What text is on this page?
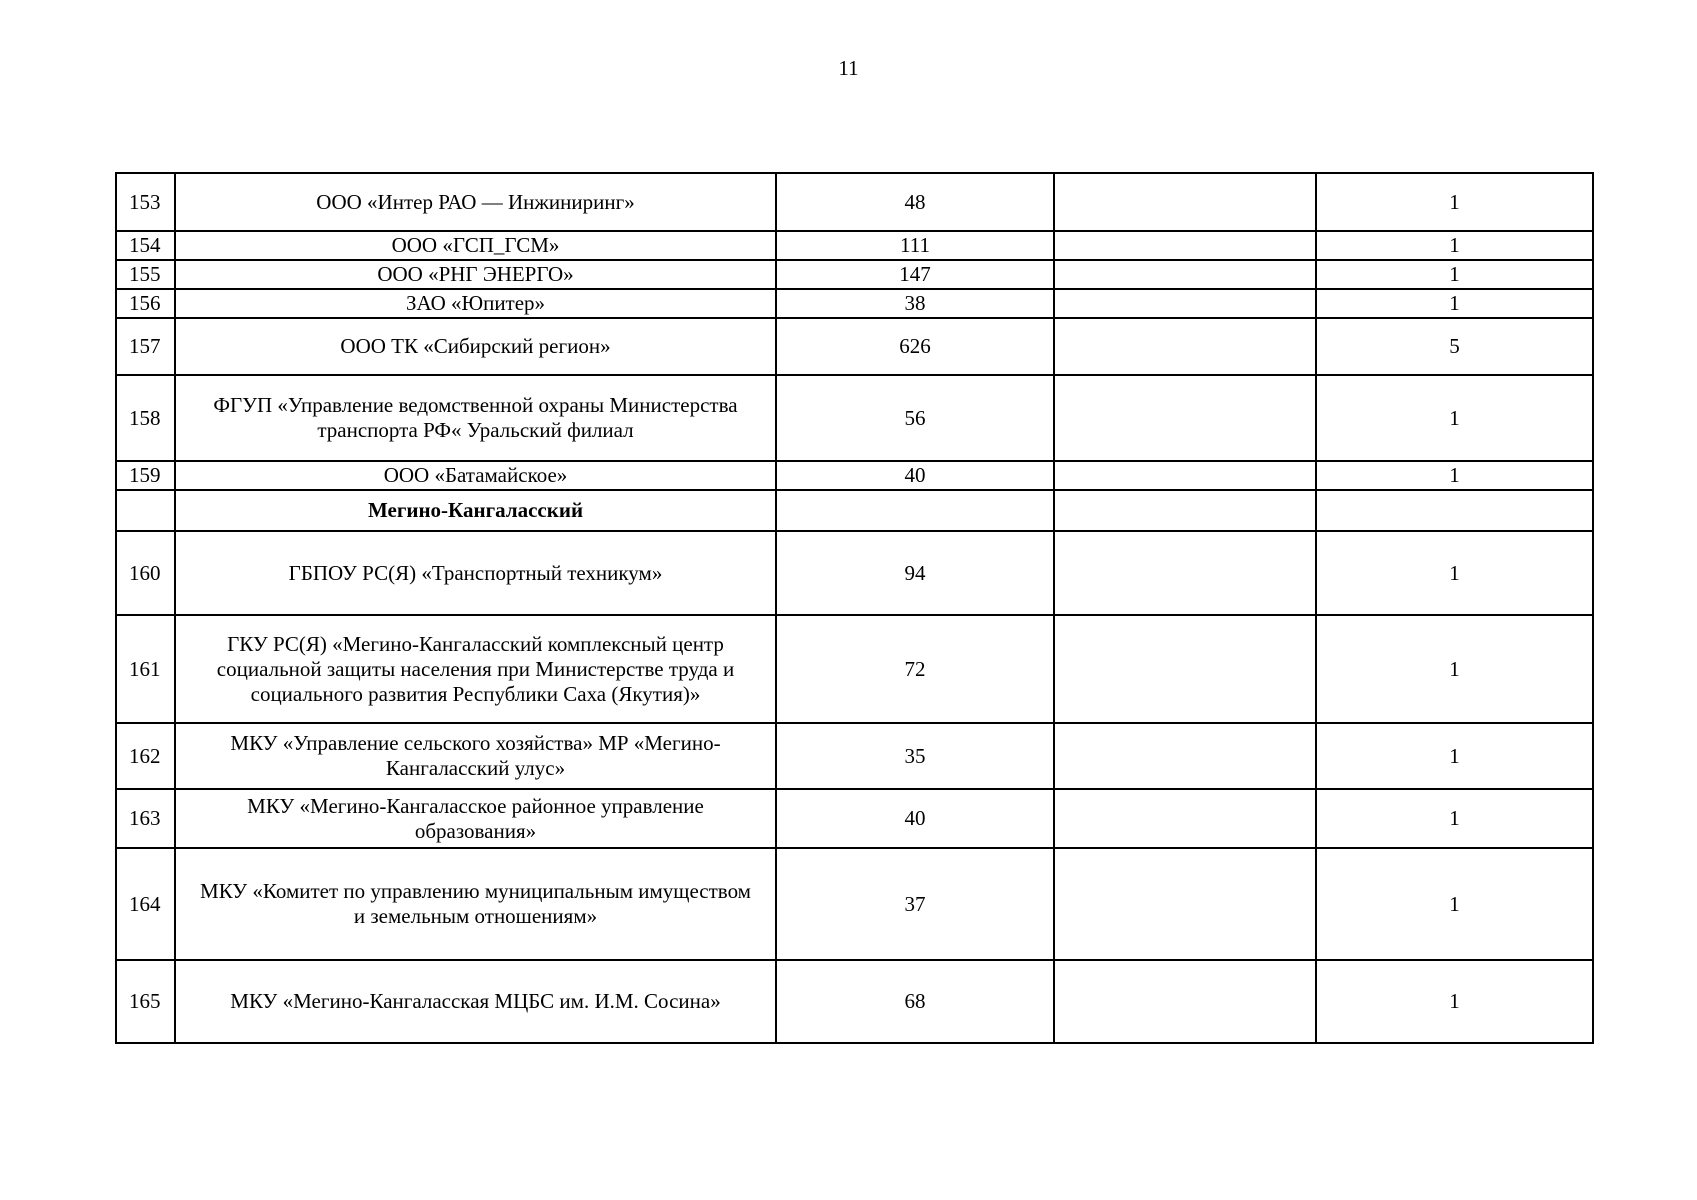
11
153	ООО «Интер РАО — Инжиниринг»	48		1
154	ООО «ГСП_ГСМ»	111		1
155	ООО «РНГ ЭНЕРГО»	147		1
156	ЗАО «Юпитер»	38		1
157	ООО ТК «Сибирский регион»	626		5
158	ФГУП «Управление ведомственной охраны Министерства транспорта РФ« Уральский филиал	56		1
159	ООО «Батамайское»	40		1
	Мегино-Кангаласский			
160	ГБПОУ РС(Я) «Транспортный техникум»	94		1
161	ГКУ РС(Я) «Мегино-Кангаласский комплексный центр социальной защиты населения при Министерстве труда и социального развития Республики Саха (Якутия)»	72		1
162	МКУ «Управление сельского хозяйства» МР «Мегино-Кангаласский улус»	35		1
163	МКУ «Мегино-Кангаласское районное управление образования»	40		1
164	МКУ «Комитет по управлению муниципальным имуществом и земельным отношениям»	37		1
165	МКУ «Мегино-Кангаласская МЦБС им. И.М. Сосина»	68		1
